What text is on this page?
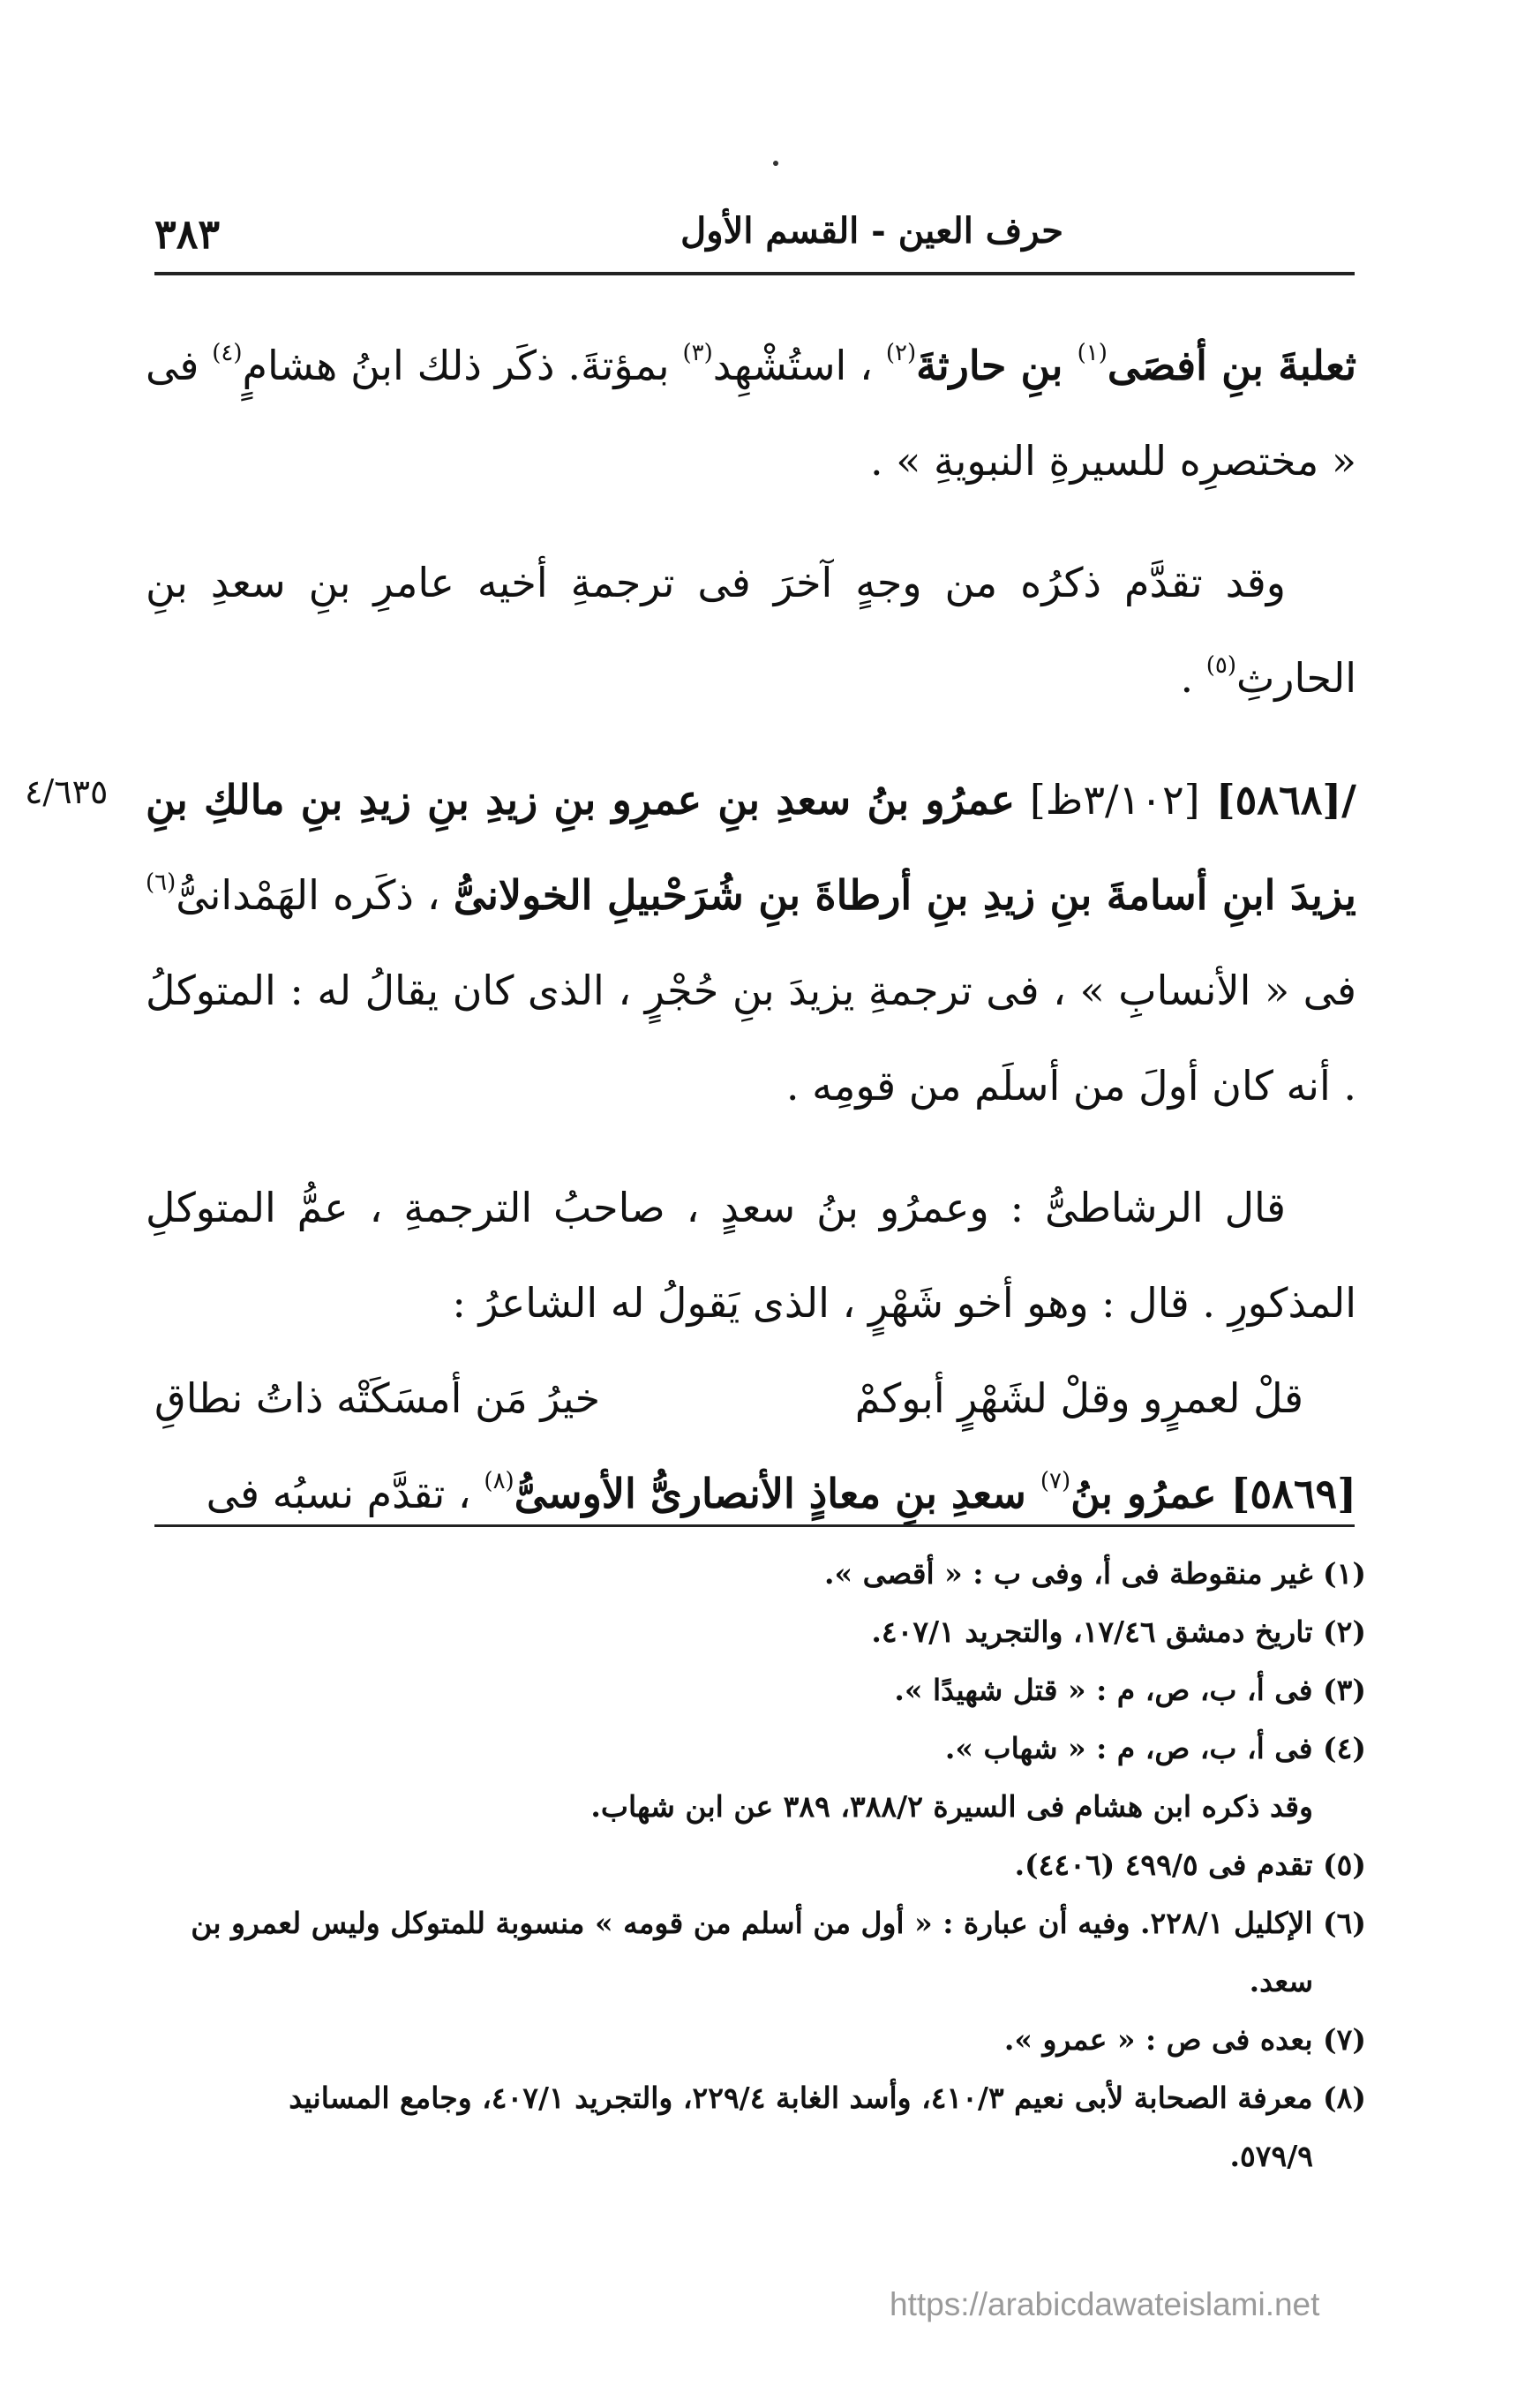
حرف العين - القسم الأول
٣٨٣
٤/٦٣٥

ثعلبةَ بنِ أفصَى$^{(١)}$ بنِ حارثةَ$^{(٢)}$ ، استُشْهِد$^{(٣)}$ بمؤتةَ. ذكَر ذلك ابنُ هشامٍ$^{(٤)}$ فى « مختصرِه للسيرةِ النبويةِ » .

وقد تقدَّم ذكرُه من وجهٍ آخرَ فى ترجمةِ أخيه عامرِ بنِ سعدِ بنِ الحارثِ$^{(٥)}$ .

/[٥٨٦٨] [٣/١٠٢ظ] عمرُو بنُ سعدِ بنِ عمرِو بنِ زيدِ بنِ زيدِ بنِ مالكِ بنِ يزيدَ ابنِ أسامةَ بنِ زيدِ بنِ أرطاةَ بنِ شُرَحْبيلِ الخولانىُّ ، ذكَره الهَمْدانىُّ$^{(٦)}$ فى « الأنسابِ » ، فى ترجمةِ يزيدَ بنِ حُجْرٍ ، الذى كان يقالُ له : المتوكلُ . أنه كان أولَ من أسلَم من قومِه .

قال الرشاطىُّ : وعمرُو بنُ سعدٍ ، صاحبُ الترجمةِ ، عمُّ المتوكلِ المذكورِ . قال : وهو أخو شَهْرٍ ، الذى يَقولُ له الشاعرُ :

قلْ لعمرٍو وقلْ لشَهْرٍ أبوكمْ
خيرُ مَن أمسَكَتْه ذاتُ نطاقِ

[٥٨٦٩] عمرُو بنُ$^{(٧)}$ سعدِ بنِ معاذٍ الأنصارىُّ الأوسىُّ$^{(٨)}$ ، تقدَّم نسبُه فى

(١) غير منقوطة فى أ، وفى ب : « أقصى ».

(٢) تاريخ دمشق ١٧/٤٦، والتجريد ٤٠٧/١.

(٣) فى أ، ب، ص، م : « قتل شهيدًا ».

(٤) فى أ، ب، ص، م : « شهاب ».

وقد ذكره ابن هشام فى السيرة ٣٨٨/٢، ٣٨٩ عن ابن شهاب.

(٥) تقدم فى ٤٩٩/٥ (٤٤٠٦).

(٦) الإكليل ٢٢٨/١. وفيه أن عبارة : « أول من أسلم من قومه » منسوبة للمتوكل وليس لعمرو بن

سعد.

(٧) بعده فى ص : « عمرو ».

(٨) معرفة الصحابة لأبى نعيم ٤١٠/٣، وأسد الغابة ٢٢٩/٤، والتجريد ٤٠٧/١، وجامع المسانيد

٥٧٩/٩.

https://arabicdawateislami.net
